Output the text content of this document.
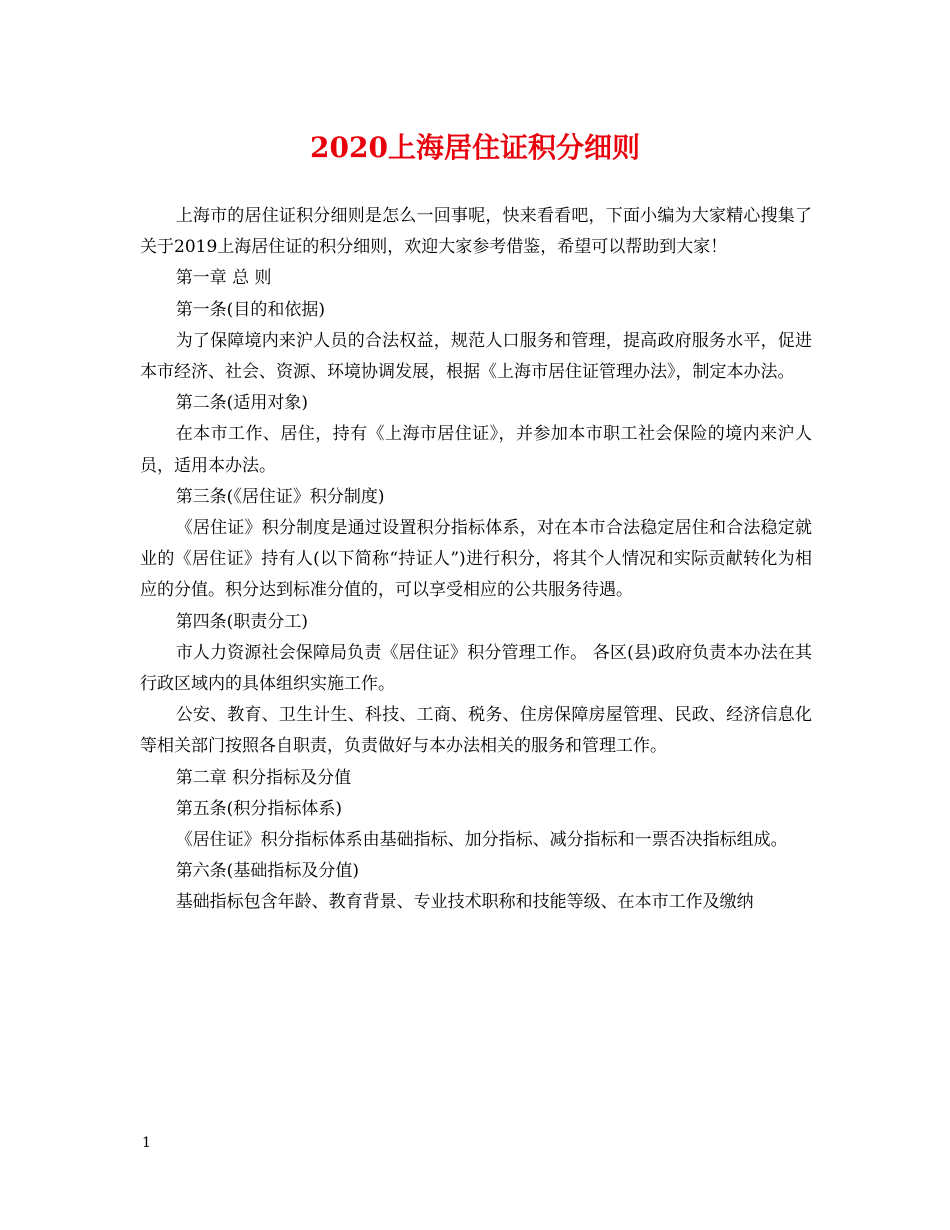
2020上海居住证积分细则

上海市的居住证积分细则是怎么一回事呢，快来看看吧，下面小编为大家精心搜集了关于2019上海居住证的积分细则，欢迎大家参考借鉴，希望可以帮助到大家！

第一章 总 则

第一条(目的和依据)

为了保障境内来沪人员的合法权益，规范人口服务和管理，提高政府服务水平，促进本市经济、社会、资源、环境协调发展，根据《上海市居住证管理办法》，制定本办法。

第二条(适用对象)

在本市工作、居住，持有《上海市居住证》，并参加本市职工社会保险的境内来沪人员，适用本办法。

第三条(《居住证》积分制度)

《居住证》积分制度是通过设置积分指标体系，对在本市合法稳定居住和合法稳定就业的《居住证》持有人(以下简称“持证人”)进行积分，将其个人情况和实际贡献转化为相应的分值。积分达到标准分值的，可以享受相应的公共服务待遇。

第四条(职责分工)

市人力资源社会保障局负责《居住证》积分管理工作。 各区(县)政府负责本办法在其行政区域内的具体组织实施工作。

公安、教育、卫生计生、科技、工商、税务、住房保障房屋管理、民政、经济信息化等相关部门按照各自职责，负责做好与本办法相关的服务和管理工作。

第二章 积分指标及分值

第五条(积分指标体系)

《居住证》积分指标体系由基础指标、加分指标、减分指标和一票否决指标组成。

第六条(基础指标及分值)

基础指标包含年龄、教育背景、专业技术职称和技能等级、在本市工作及缴纳

1
